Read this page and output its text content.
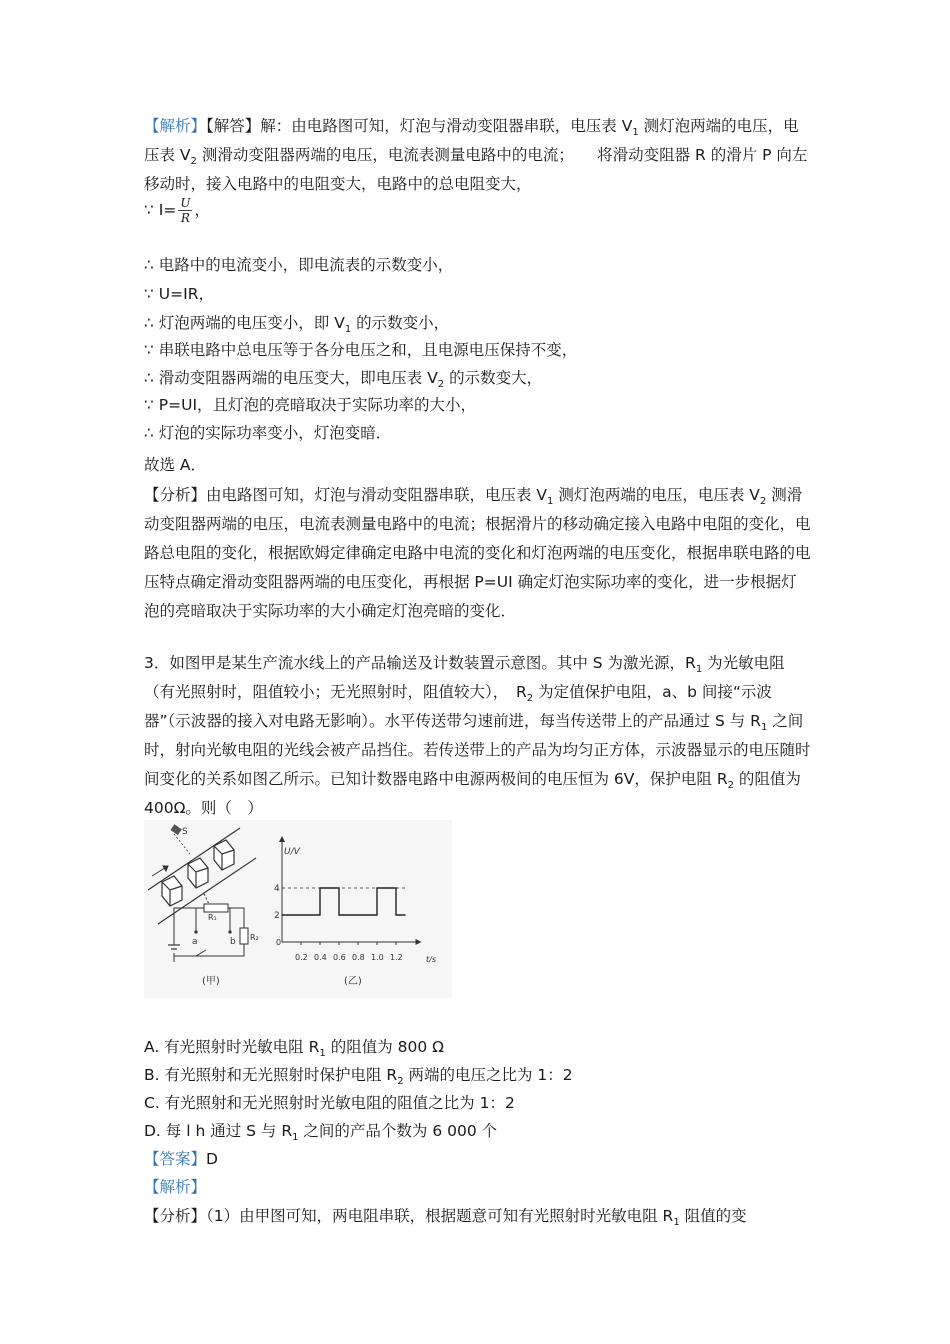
【解析】【解答】解：由电路图可知，灯泡与滑动变阻器串联，电压表 $V_1$ 测灯泡两端的电压，电压表 $V_2$ 测滑动变阻器两端的电压，电流表测量电路中的电流；　　将滑动变阻器 R 的滑片 P 向左移动时，接入电路中的电阻变大，电路中的总电阻变大，

∵ $I= \frac{U}{R}$ ，
∴ 电路中的电流变小，即电流表的示数变小，
∵ U=IR，
∴ 灯泡两端的电压变小，即 $V_1$ 的示数变小，
∵ 串联电路中总电压等于各分电压之和，且电源电压保持不变，
∴ 滑动变阻器两端的电压变大，即电压表 $V_2$ 的示数变大，
∵ P=UI，且灯泡的亮暗取决于实际功率的大小，
∴ 灯泡的实际功率变小，灯泡变暗．
故选 A．

【分析】由电路图可知，灯泡与滑动变阻器串联，电压表 $V_1$ 测灯泡两端的电压，电压表 $V_2$ 测滑动变阻器两端的电压，电流表测量电路中的电流；根据滑片的移动确定接入电路中电阻的变化，电路总电阻的变化，根据欧姆定律确定电路中电流的变化和灯泡两端的电压变化，根据串联电路的电压特点确定滑动变阻器两端的电压变化，再根据 P=UI 确定灯泡实际功率的变化，进一步根据灯泡的亮暗取决于实际功率的大小确定灯泡亮暗的变化．

3．如图甲是某生产流水线上的产品输送及计数装置示意图。其中 S 为激光源，$R_1$ 为光敏电阻（有光照射时，阻值较小；无光照射时，阻值较大），　$R_2$ 为定值保护电阻，a、b 间接“示波器”（示波器的接入对电路无影响）。水平传送带匀速前进，每当传送带上的产品通过 S 与 $R_1$ 之间时，射向光敏电阻的光线会被产品挡住。若传送带上的产品为均匀正方体，示波器显示的电压随时间变化的关系如图乙所示。已知计数器电路中电源两极间的电压恒为 6V，保护电阻 $R_2$ 的阻值为 400Ω。则（　）

S
R₁
R₂
a	b
(甲)
U/V
t/s
4
2
0
0.2 0.4 0.6 0.8 1.0 1.2
(乙)
A. 有光照射时光敏电阻 $R_1$ 的阻值为 800 Ω
B. 有光照射和无光照射时保护电阻 $R_2$ 两端的电压之比为 1：2
C. 有光照射和无光照射时光敏电阻的阻值之比为 1：2
D. 每 l h 通过 S 与 $R_1$ 之间的产品个数为 6 000 个
【答案】D
【解析】
【分析】（1）由甲图可知，两电阻串联，根据题意可知有光照射时光敏电阻 $R_1$ 阻值的变
